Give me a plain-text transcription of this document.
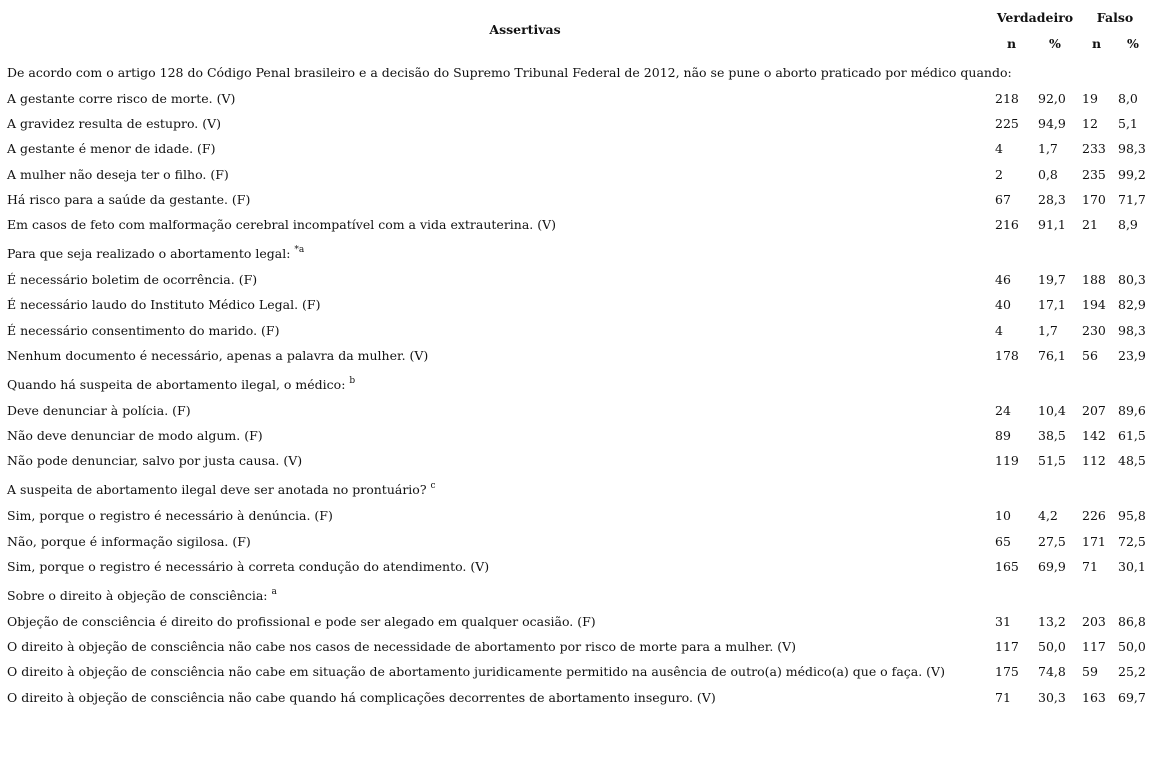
Assertivas
Verdadeiro	Falso
n	% n %
De acordo com o artigo 128 do Código Penal brasileiro e a decisão do Supremo Tribunal Federal de 2012, não se pune o aborto praticado por médico quando:
A gestante corre risco de morte. (V)	218 92,0 19 8,0
A gravidez resulta de estupro. (V)	225 94,9 12 5,1
A gestante é menor de idade. (F)	4	1,7 233 98,3
A mulher não deseja ter o filho. (F)	2	0,8 235 99,2
Há risco para a saúde da gestante. (F)	67 28,3 170 71,7
Em casos de feto com malformação cerebral incompatível com a vida extrauterina. (V)	216 91,1 21 8,9
Para que seja realizado o abortamento legal: $^{*a}$
É necessário boletim de ocorrência. (F)	46 19,7 188 80,3
É necessário laudo do Instituto Médico Legal. (F)	40 17,1 194 82,9
É necessário consentimento do marido. (F)	4	1,7 230 98,3
Nenhum documento é necessário, apenas a palavra da mulher. (V)	178 76,1 56 23,9
Quando há suspeita de abortamento ilegal, o médico: $^b$
Deve denunciar à polícia. (F)	24 10,4 207 89,6
Não deve denunciar de modo algum. (F)	89 38,5 142 61,5
Não pode denunciar, salvo por justa causa. (V)	119 51,5 112 48,5
A suspeita de abortamento ilegal deve ser anotada no prontuário? $^c$
Sim, porque o registro é necessário à denúncia. (F)	10 4,2 226 95,8
Não, porque é informação sigilosa. (F)	65 27,5 171 72,5
Sim, porque o registro é necessário à correta condução do atendimento. (V)	165 69,9 71 30,1
Sobre o direito à objeção de consciência: $^a$
Objeção de consciência é direito do profissional e pode ser alegado em qualquer ocasião. (F)	31 13,2 203 86,8
O direito à objeção de consciência não cabe nos casos de necessidade de abortamento por risco de morte para a mulher. (V)	117 50,0 117 50,0
O direito à objeção de consciência não cabe em situação de abortamento juridicamente permitido na ausência de outro(a) médico(a) que o faça. (V)	175 74,8 59 25,2
O direito à objeção de consciência não cabe quando há complicações decorrentes de abortamento inseguro. (V)	71 30,3 163 69,7
